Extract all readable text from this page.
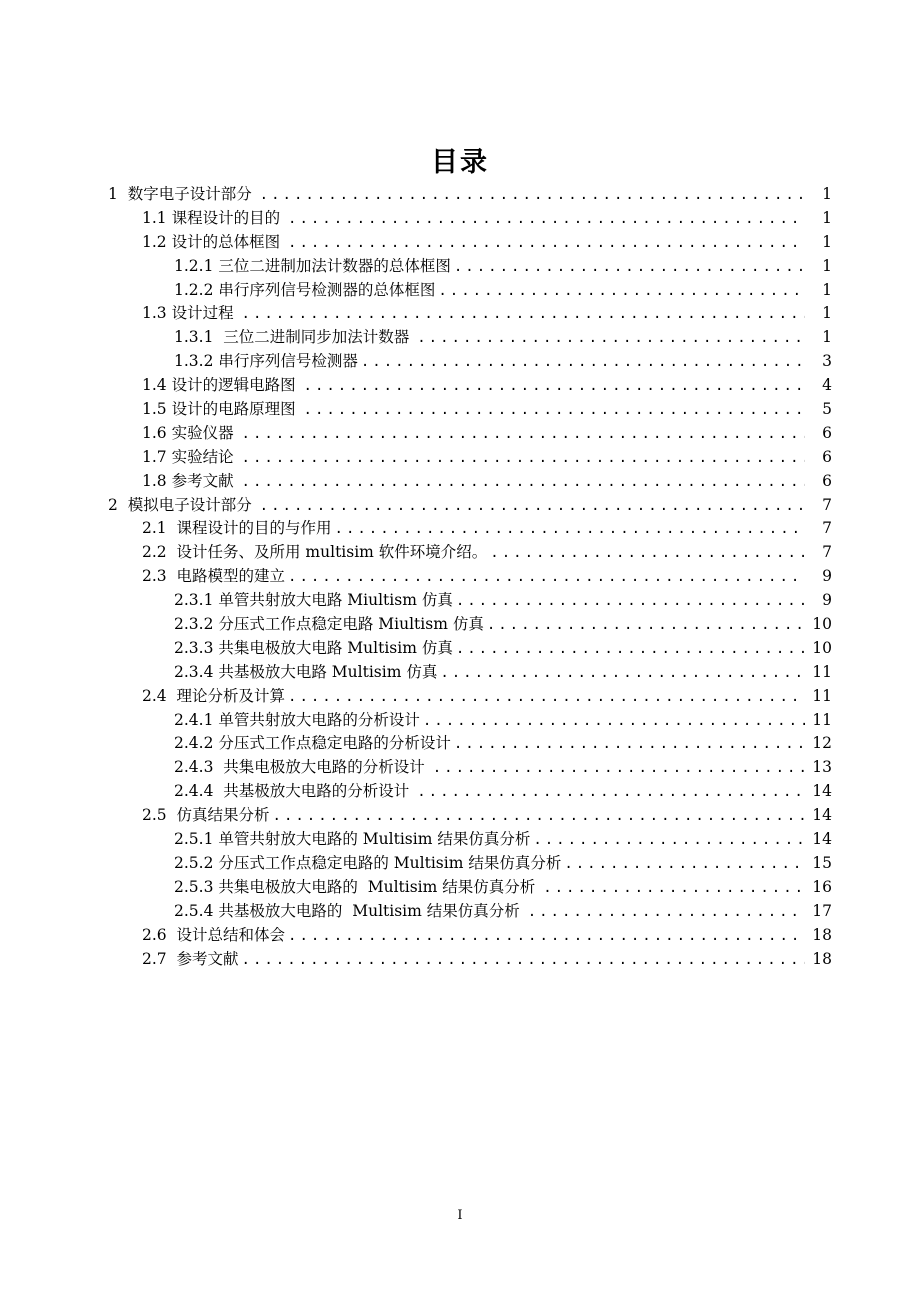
目录
1  数字电子设计部分 .....	1
1.1 课程设计的目的 .....	1
1.2 设计的总体框图 .....	1
1.2.1 三位二进制加法计数器的总体框图 .....	1
1.2.2 串行序列信号检测器的总体框图 .....	1
1.3 设计过程 .....	1
1.3.1  三位二进制同步加法计数器 .....	1
1.3.2 串行序列信号检测器 .....	3
1.4 设计的逻辑电路图 .....	4
1.5 设计的电路原理图 .....	5
1.6 实验仪器 .....	6
1.7 实验结论 .....	6
1.8 参考文献 .....	6
2  模拟电子设计部分 .....	7
2.1  课程设计的目的与作用 .....	7
2.2  设计任务、及所用 multisim 软件环境介绍。 .....	7
2.3  电路模型的建立 .....	9
2.3.1 单管共射放大电路 Miultism 仿真 .....	9
2.3.2 分压式工作点稳定电路 Miultism 仿真 .....	10
2.3.3 共集电极放大电路 Multisim 仿真 .....	10
2.3.4 共基极放大电路 Multisim 仿真 .....	11
2.4  理论分析及计算 .....	11
2.4.1 单管共射放大电路的分析设计 .....	11
2.4.2 分压式工作点稳定电路的分析设计 .....	12
2.4.3  共集电极放大电路的分析设计 .....	13
2.4.4  共基极放大电路的分析设计 .....	14
2.5  仿真结果分析 .....	14
2.5.1 单管共射放大电路的 Multisim 结果仿真分析 .....	14
2.5.2 分压式工作点稳定电路的 Multisim 结果仿真分析 .....	15
2.5.3 共集电极放大电路的  Multisim 结果仿真分析 .....	16
2.5.4 共基极放大电路的  Multisim 结果仿真分析 .....	17
2.6  设计总结和体会 .....	18
2.7  参考文献 .....	18
I
